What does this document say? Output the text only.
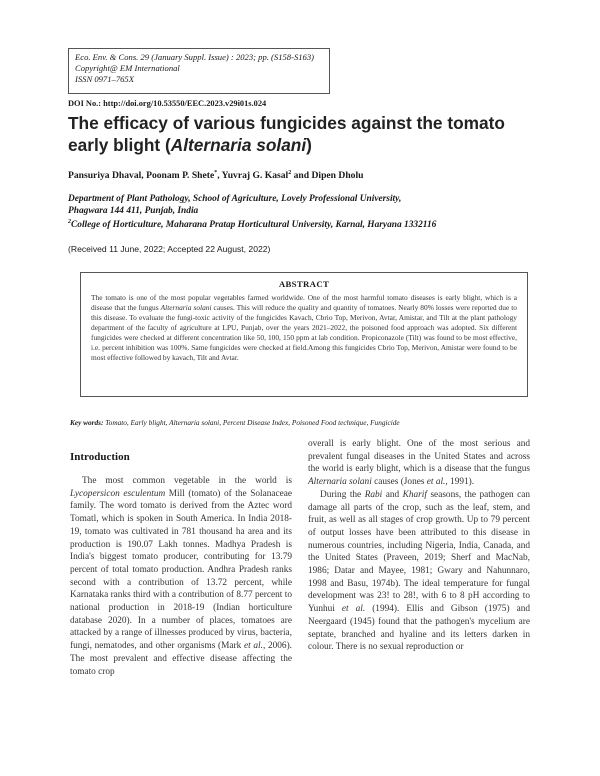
Eco. Env. & Cons. 29 (January Suppl. Issue) : 2023; pp. (S158-S163)
Copyright@ EM International
ISSN 0971–765X
DOI No.: http://doi.org/10.53550/EEC.2023.v29i01s.024
The efficacy of various fungicides against the tomato early blight (Alternaria solani)
Pansuriya Dhaval, Poonam P. Shete*, Yuvraj G. Kasal$^2$ and Dipen Dholu
Department of Plant Pathology, School of Agriculture, Lovely Professional University,
Phagwara 144 411, Punjab, India
$^2$College of Horticulture, Maharana Pratap Horticultural University, Karnal, Haryana 1332116
(Received 11 June, 2022; Accepted 22 August, 2022)
ABSTRACT
The tomato is one of the most popular vegetables farmed worldwide. One of the most harmful tomato diseases is early blight, which is a disease that the fungus Alternaria solani causes. This will reduce the quality and quantity of tomatoes. Nearly 80% losses were reported due to this disease. To evaluate the fungi-toxic activity of the fungicides Kavach, Cbrio Top, Merivon, Avtar, Amistar, and Tilt at the plant pathology department of the faculty of agriculture at LPU, Punjab, over the years 2021–2022, the poisoned food approach was adopted. Six different fungicides were checked at different concentration like 50, 100, 150 ppm at lab condition. Propiconazole (Tilt) was found to be most effective, i.e. percent inhibition was 100%. Same fungicides were checked at field.Among this fungicides Cbrio Top, Merivon, Amistar were found to be most effective followed by kavach, Tilt and Avtar.
Key words: Tomato, Early blight, Alternaria solani, Percent Disease Index, Poisoned Food technique, Fungicide
Introduction
The most common vegetable in the world is Lycopersicon esculentum Mill (tomato) of the Solanaceae family. The word tomato is derived from the Aztec word Tomatl, which is spoken in South America. In India 2018-19, tomato was cultivated in 781 thousand ha area and its production is 190.07 Lakh tonnes. Madhya Pradesh is India's biggest tomato producer, contributing for 13.79 percent of total tomato production. Andhra Pradesh ranks second with a contribution of 13.72 percent, while Karnataka ranks third with a contribution of 8.77 percent to national production in 2018-19 (Indian horticulture database 2020). In a number of places, tomatoes are attacked by a range of illnesses produced by virus, bacteria, fungi, nematodes, and other organisms (Mark et al., 2006). The most prevalent and effective disease affecting the tomato crop

overall is early blight. One of the most serious and prevalent fungal diseases in the United States and across the world is early blight, which is a disease that the fungus Alternaria solani causes (Jones et al., 1991).

During the Rabi and Kharif seasons, the pathogen can damage all parts of the crop, such as the leaf, stem, and fruit, as well as all stages of crop growth. Up to 79 percent of output losses have been attributed to this disease in numerous countries, including Nigeria, India, Canada, and the United States (Praveen, 2019; Sherf and MacNab, 1986; Datar and Mayee, 1981; Gwary and Nahunnaro, 1998 and Basu, 1974b). The ideal temperature for fungal development was 23! to 28!, with 6 to 8 pH according to Yunhui et al. (1994). Ellis and Gibson (1975) and Neergaard (1945) found that the pathogen's mycelium are septate, branched and hyaline and its letters darken in colour. There is no sexual reproduction or
